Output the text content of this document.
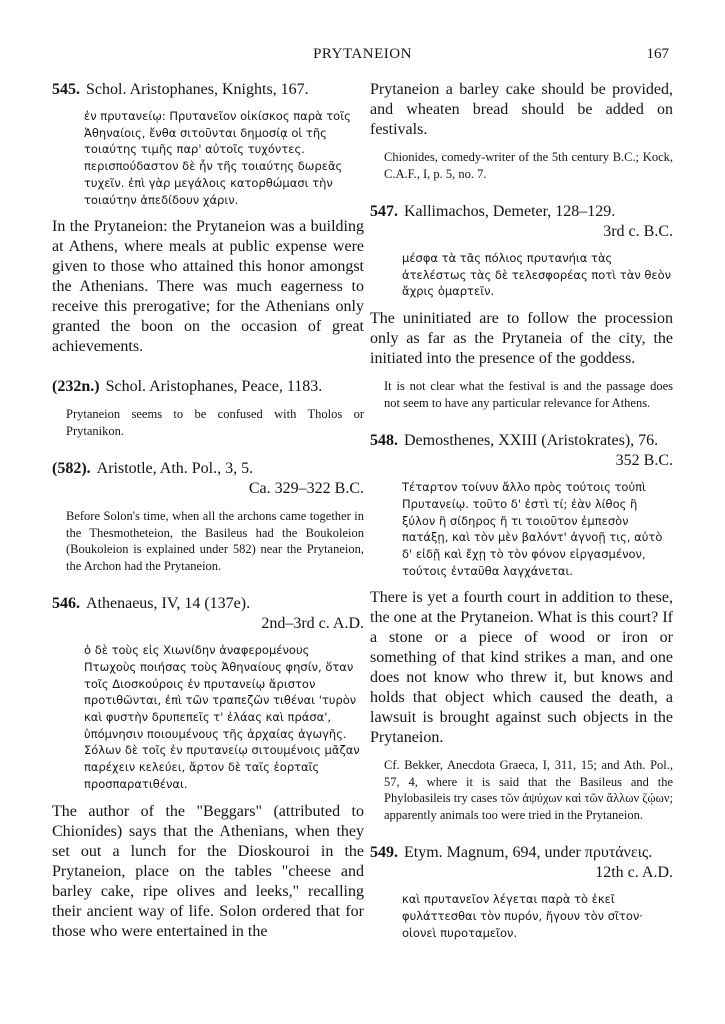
PRYTANEION	167
545. Schol. Aristophanes, Knights, 167.
ἐν πρυτανείῳ: Πρυτανεῖον οἰκίσκος παρὰ τοῖς Ἀθηναίοις, ἔνθα σιτοῦνται δημοσίᾳ οἱ τῆς τοιαύτης τιμῆς παρ' αὐτοῖς τυχόντες. περισπούδαστον δὲ ἦν τῆς τοιαύτης δωρεᾶς τυχεῖν. ἐπὶ γὰρ μεγάλοις κατορθώμασι τὴν τοιαύτην ἀπεδίδουν χάριν.
In the Prytaneion: the Prytaneion was a building at Athens, where meals at public expense were given to those who attained this honor amongst the Athenians. There was much eagerness to receive this prerogative; for the Athenians only granted the boon on the occasion of great achievements.
(232n.) Schol. Aristophanes, Peace, 1183.
Prytaneion seems to be confused with Tholos or Prytanikon.
(582). Aristotle, Ath. Pol., 3, 5.
Ca. 329–322 B.C.
Before Solon's time, when all the archons came together in the Thesmotheteion, the Basileus had the Boukoleion (Boukoleion is explained under 582) near the Prytaneion, the Archon had the Prytaneion.
546. Athenaeus, IV, 14 (137e).
2nd–3rd c. A.D.
ὁ δὲ τοὺς εἰς Χιωνίδην ἀναφερομένους Πτωχοὺς ποιήσας τοὺς Ἀθηναίους φησίν, ὅταν τοῖς Διοσκούροις ἐν πρυτανείῳ ἄριστον προτιθῶνται, ἐπὶ τῶν τραπεζῶν τιθέναι 'τυρὸν καὶ φυστὴν δρυπεπεῖς τ' ἐλάας καὶ πράσα', ὑπόμνησιν ποιουμένους τῆς ἀρχαίας ἀγωγῆς. Σόλων δὲ τοῖς ἐν πρυτανείῳ σιτουμένοις μᾶζαν παρέχειν κελεύει, ἄρτον δὲ ταῖς ἑορταῖς προσπαρατιθέναι.
The author of the "Beggars" (attributed to Chionides) says that the Athenians, when they set out a lunch for the Dioskouroi in the Prytaneion, place on the tables "cheese and barley cake, ripe olives and leeks," recalling their ancient way of life. Solon ordered that for those who were entertained in the
Prytaneion a barley cake should be provided, and wheaten bread should be added on festivals.
Chionides, comedy-writer of the 5th century B.C.; Kock, C.A.F., I, p. 5, no. 7.
547. Kallimachos, Demeter, 128–129.
3rd c. B.C.
μέσφα τὰ τᾶς πόλιος πρυτανήια τὰς ἀτελέστως τὰς δὲ τελεσφορέας ποτὶ τὰν θεὸν ἄχρις ὁμαρτεῖν.
The uninitiated are to follow the procession only as far as the Prytaneia of the city, the initiated into the presence of the goddess.
It is not clear what the festival is and the passage does not seem to have any particular relevance for Athens.
548. Demosthenes, XXIII (Aristokrates), 76.
352 B.C.
Τέταρτον τοίνυν ἄλλο πρὸς τούτοις τοὐπὶ Πρυτανείῳ. τοῦτο δ' ἐστὶ τί; ἐὰν λίθος ἢ ξύλον ἢ σίδηρος ἤ τι τοιοῦτον ἐμπεσὸν πατάξῃ, καὶ τὸν μὲν βαλόντ' ἀγνοῇ τις, αὐτὸ δ' εἰδῇ καὶ ἔχῃ τὸ τὸν φόνον εἰργασμένον, τούτοις ἐνταῦθα λαγχάνεται.
There is yet a fourth court in addition to these, the one at the Prytaneion. What is this court? If a stone or a piece of wood or iron or something of that kind strikes a man, and one does not know who threw it, but knows and holds that object which caused the death, a lawsuit is brought against such objects in the Prytaneion.
Cf. Bekker, Anecdota Graeca, I, 311, 15; and Ath. Pol., 57, 4, where it is said that the Basileus and the Phylobasileis try cases τῶν ἀψύχων καὶ τῶν ἄλλων ζῴων; apparently animals too were tried in the Prytaneion.
549. Etym. Magnum, 694, under πρυτάνεις.
12th c. A.D.
καὶ πρυτανεῖον λέγεται παρὰ τὸ ἐκεῖ φυλάττεσθαι τὸν πυρόν, ἤγουν τὸν σῖτον· οἱονεὶ πυροταμεῖον.
